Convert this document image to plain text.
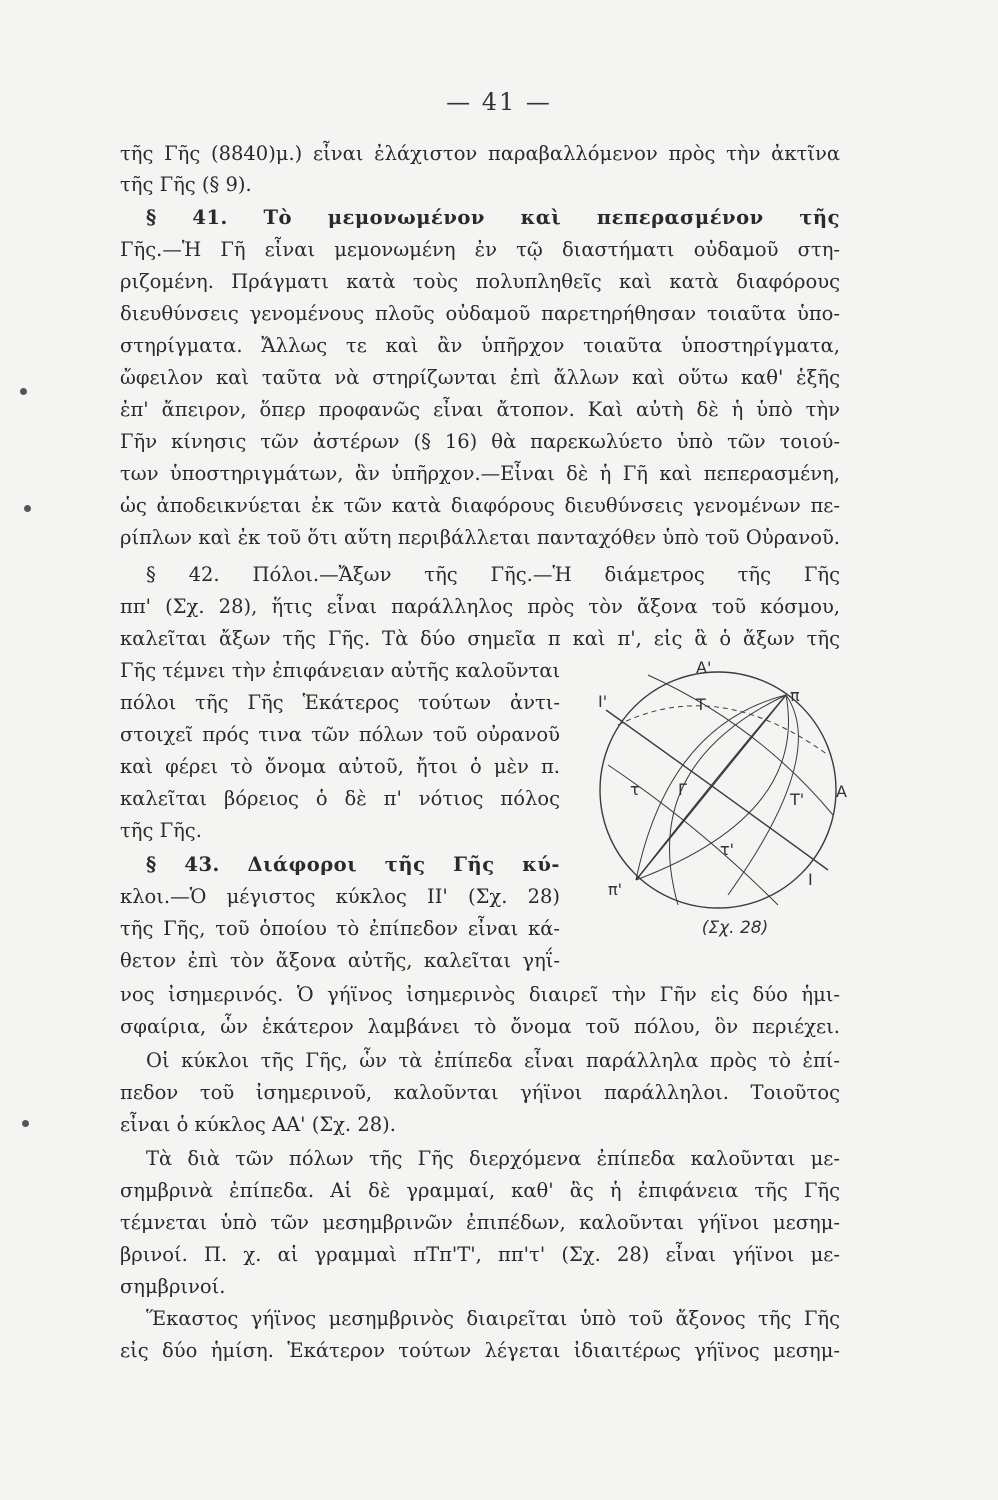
— 41 —
τῆς Γῆς (8840)μ.) εἶναι ἐλάχιστον παραβαλλόμενον πρὸς τὴν ἀκτῖνα
τῆς Γῆς (§ 9).
§ 41. Τὸ μεμονωμένον καὶ πεπερασμένον τῆς
Γῆς.—Ἡ Γῆ εἶναι μεμονωμένη ἐν τῷ διαστήματι οὐδαμοῦ στη-
ριζομένη. Πράγματι κατὰ τοὺς πολυπληθεῖς καὶ κατὰ διαφόρους
διευθύνσεις γενομένους πλοῦς οὐδαμοῦ παρετηρήθησαν τοιαῦτα ὑπο-
στηρίγματα. Ἄλλως τε καὶ ἂν ὑπῆρχον τοιαῦτα ὑποστηρίγματα,
ὤφειλον καὶ ταῦτα νὰ στηρίζωνται ἐπὶ ἄλλων καὶ οὕτω καθ' ἑξῆς
ἐπ' ἄπειρον, ὅπερ προφανῶς εἶναι ἄτοπον. Καὶ αὐτὴ δὲ ἡ ὑπὸ τὴν
Γῆν κίνησις τῶν ἀστέρων (§ 16) θὰ παρεκωλύετο ὑπὸ τῶν τοιού-
των ὑποστηριγμάτων, ἂν ὑπῆρχον.—Εἶναι δὲ ἡ Γῆ καὶ πεπερασμένη,
ὡς ἀποδεικνύεται ἐκ τῶν κατὰ διαφόρους διευθύνσεις γενομένων πε-
ρίπλων καὶ ἐκ τοῦ ὅτι αὕτη περιβάλλεται πανταχόθεν ὑπὸ τοῦ Οὐρανοῦ.
§ 42. Πόλοι.—Ἄξων τῆς Γῆς.—Ἡ διάμετρος τῆς Γῆς
ππ' (Σχ. 28), ἥτις εἶναι παράλληλος πρὸς τὸν ἄξονα τοῦ κόσμου,
καλεῖται ἄξων τῆς Γῆς. Τὰ δύο σημεῖα π καὶ π', εἰς ἃ ὁ ἄξων τῆς
Γῆς τέμνει τὴν ἐπιφάνειαν αὐτῆς καλοῦνται
πόλοι τῆς Γῆς Ἑκάτερος τούτων ἀντι-
στοιχεῖ πρός τινα τῶν πόλων τοῦ οὐρανοῦ
καὶ φέρει τὸ ὄνομα αὐτοῦ, ἤτοι ὁ μὲν π.
καλεῖται βόρειος ὁ δὲ π' νότιος πόλος
τῆς Γῆς.
§ 43. Διάφοροι τῆς Γῆς κύ-
κλοι.—Ὁ μέγιστος κύκλος ΙΙ' (Σχ. 28)
τῆς Γῆς, τοῦ ὁποίου τὸ ἐπίπεδον εἶναι κά-
θετον ἐπὶ τὸν ἄξονα αὐτῆς, καλεῖται γηΐ-
νος ἰσημερινός. Ὁ γήϊνος ἰσημερινὸς διαιρεῖ τὴν Γῆν εἰς δύο ἡμι-
σφαίρια, ὧν ἑκάτερον λαμβάνει τὸ ὄνομα τοῦ πόλου, ὃν περιέχει.
Οἱ κύκλοι τῆς Γῆς, ὧν τὰ ἐπίπεδα εἶναι παράλληλα πρὸς τὸ ἐπί-
πεδον τοῦ ἰσημερινοῦ, καλοῦνται γήϊνοι παράλληλοι. Τοιοῦτος
εἶναι ὁ κύκλος ΑΑ' (Σχ. 28).
Τὰ διὰ τῶν πόλων τῆς Γῆς διερχόμενα ἐπίπεδα καλοῦνται με-
σημβρινὰ ἐπίπεδα. Αἱ δὲ γραμμαί, καθ' ἃς ἡ ἐπιφάνεια τῆς Γῆς
τέμνεται ὑπὸ τῶν μεσημβρινῶν ἐπιπέδων, καλοῦνται γήϊνοι μεσημ-
βρινοί. Π. χ. αἱ γραμμαὶ πΤπ'Τ', ππ'τ' (Σχ. 28) εἶναι γήϊνοι με-
σημβρινοί.
Ἕκαστος γήϊνος μεσημβρινὸς διαιρεῖται ὑπὸ τοῦ ἄξονος τῆς Γῆς
εἰς δύο ἡμίση. Ἑκάτερον τούτων λέγεται ἰδιαιτέρως γήϊνος μεσημ-
Α'
π
Ι'	Τ
Α
τ Γ
Τ'
τ'
Ι
π'
(Σχ. 28)
